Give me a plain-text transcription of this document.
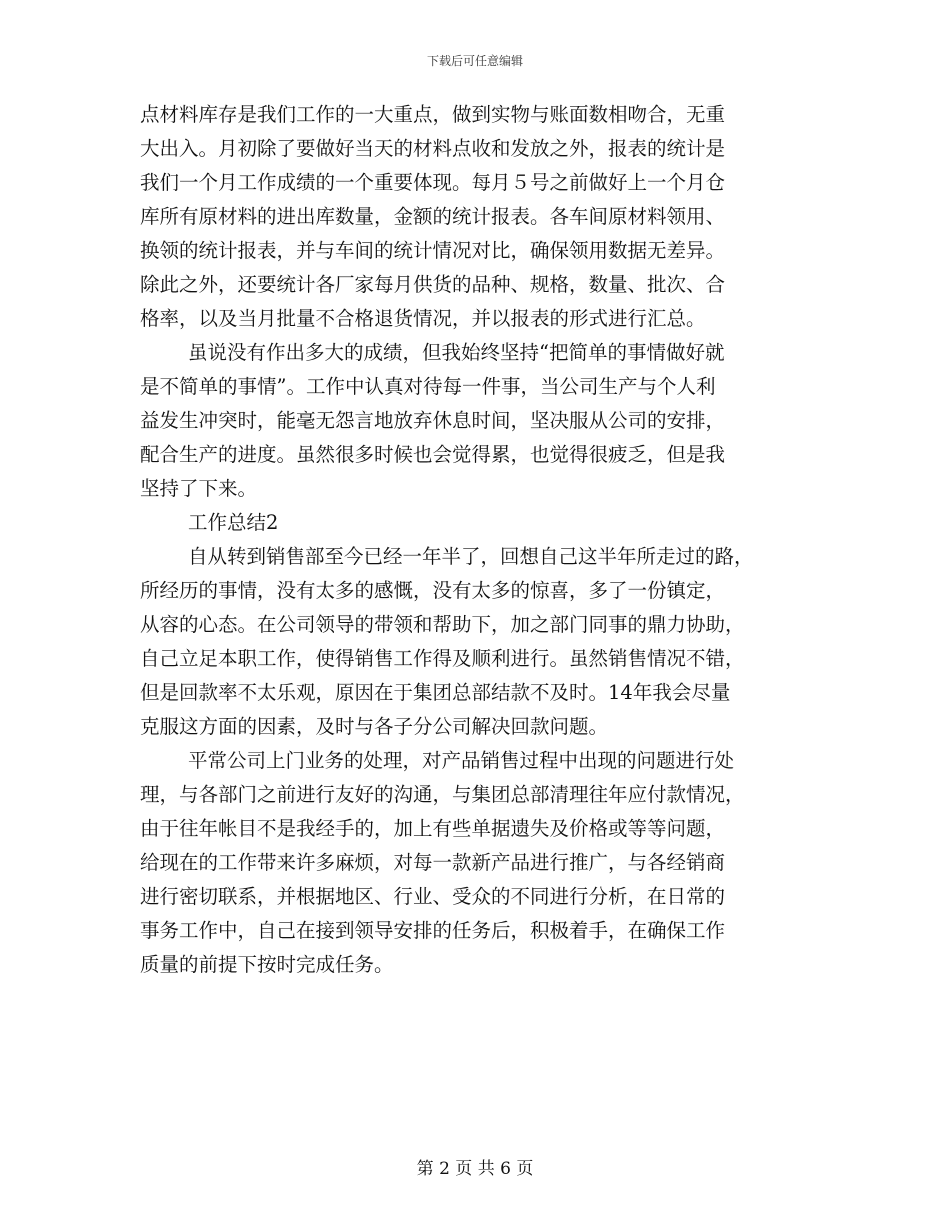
下载后可任意编辑
点材料库存是我们工作的一大重点，做到实物与账面数相吻合，无重
大出入。月初除了要做好当天的材料点收和发放之外，报表的统计是
我们一个月工作成绩的一个重要体现。每月５号之前做好上一个月仓
库所有原材料的进出库数量，金额的统计报表。各车间原材料领用、
换领的统计报表，并与车间的统计情况对比，确保领用数据无差异。
除此之外，还要统计各厂家每月供货的品种、规格，数量、批次、合
格率，以及当月批量不合格退货情况，并以报表的形式进行汇总。
虽说没有作出多大的成绩，但我始终坚持“把简单的事情做好就
是不简单的事情”。工作中认真对待每一件事，当公司生产与个人利
益发生冲突时，能毫无怨言地放弃休息时间，坚决服从公司的安排，
配合生产的进度。虽然很多时候也会觉得累，也觉得很疲乏，但是我
坚持了下来。
工作总结2
自从转到销售部至今已经一年半了，回想自己这半年所走过的路，
所经历的事情，没有太多的感慨，没有太多的惊喜，多了一份镇定，
从容的心态。在公司领导的带领和帮助下，加之部门同事的鼎力协助，
自己立足本职工作，使得销售工作得及顺利进行。虽然销售情况不错，
但是回款率不太乐观，原因在于集团总部结款不及时。14年我会尽量
克服这方面的因素，及时与各子分公司解决回款问题。
平常公司上门业务的处理，对产品销售过程中出现的问题进行处
理，与各部门之前进行友好的沟通，与集团总部清理往年应付款情况，
由于往年帐目不是我经手的，加上有些单据遗失及价格或等等问题，
给现在的工作带来许多麻烦，对每一款新产品进行推广，与各经销商
进行密切联系，并根据地区、行业、受众的不同进行分析，在日常的
事务工作中，自己在接到领导安排的任务后，积极着手，在确保工作
质量的前提下按时完成任务。
第 2 页 共 6 页
